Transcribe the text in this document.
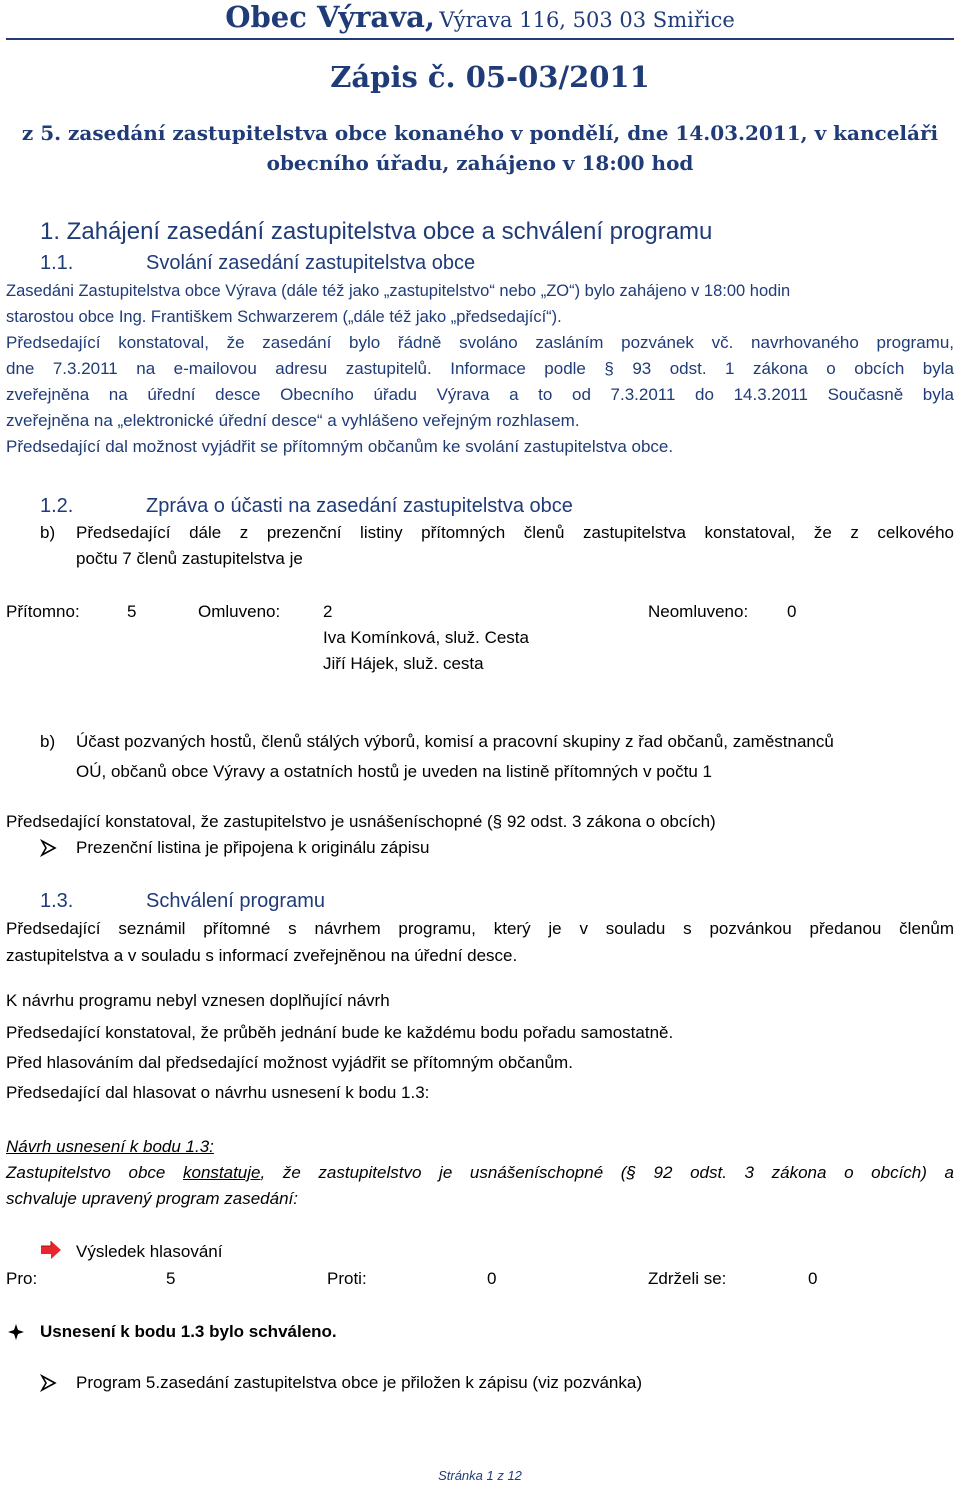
Obec Výrava, Výrava 116, 503 03 Smiřice
Zápis č. 05-03/2011
z 5. zasedání zastupitelstva obce konaného v pondělí, dne 14.03.2011, v kanceláři
obecního úřadu, zahájeno v 18:00 hod
1. Zahájení zasedání zastupitelstva obce a schválení programu
1.1.	Svolání zasedání zastupitelstva obce
Zasedáni Zastupitelstva obce Výrava (dále též jako „zastupitelstvo“ nebo „ZO“) bylo zahájeno v 18:00 hodin
starostou obce Ing. Františkem Schwarzerem („dále též jako „předsedající“).
Předsedající konstatoval, že zasedání bylo řádně svoláno zasláním pozvánek vč. navrhovaného programu,
dne 7.3.2011 na e-mailovou adresu zastupitelů. Informace podle § 93 odst. 1 zákona o obcích byla
zveřejněna na úřední desce Obecního úřadu Výrava a to od 7.3.2011 do 14.3.2011 Současně byla
zveřejněna na „elektronické úřední desce“ a vyhlášeno veřejným rozhlasem.
Předsedající dal možnost vyjádřit se přítomným občanům ke svolání zastupitelstva obce.
1.2.	Zpráva o účasti na zasedání zastupitelstva obce
b) Předsedající dále z prezenční listiny přítomných členů zastupitelstva konstatoval, že z celkového
počtu 7 členů zastupitelstva je
Přítomno:	5	Omluveno:	2	Neomluveno: 0
Iva Komínková, služ. Cesta
Jiří Hájek, služ. cesta
b) Účast pozvaných hostů, členů stálých výborů, komisí a pracovní skupiny z řad občanů, zaměstnanců
OÚ, občanů obce Výravy a ostatních hostů je uveden na listině přítomných v počtu 1
Předsedající konstatoval, že zastupitelstvo je usnášeníschopné (§ 92 odst. 3 zákona o obcích)
Prezenční listina je připojena k originálu zápisu
1.3.	Schválení programu
Předsedající seznámil přítomné s návrhem programu, který je v souladu s pozvánkou předanou členům
zastupitelstva a v souladu s informací zveřejněnou na úřední desce.
K návrhu programu nebyl vznesen doplňující návrh
Předsedající konstatoval, že průběh jednání bude ke každému bodu pořadu samostatně.
Před hlasováním dal předsedající možnost vyjádřit se přítomným občanům.
Předsedající dal hlasovat o návrhu usnesení k bodu 1.3:
Návrh usnesení k bodu 1.3:
Zastupitelstvo obce konstatuje, že zastupitelstvo je usnášeníschopné (§ 92 odst. 3 zákona o obcích) a
schvaluje upravený program zasedání:
Výsledek hlasování
Pro:	5	Proti:	0	Zdrželi se:	0
Usnesení k bodu 1.3 bylo schváleno.
Program 5.zasedání zastupitelstva obce je přiložen k zápisu (viz pozvánka)
Stránka 1 z 12
